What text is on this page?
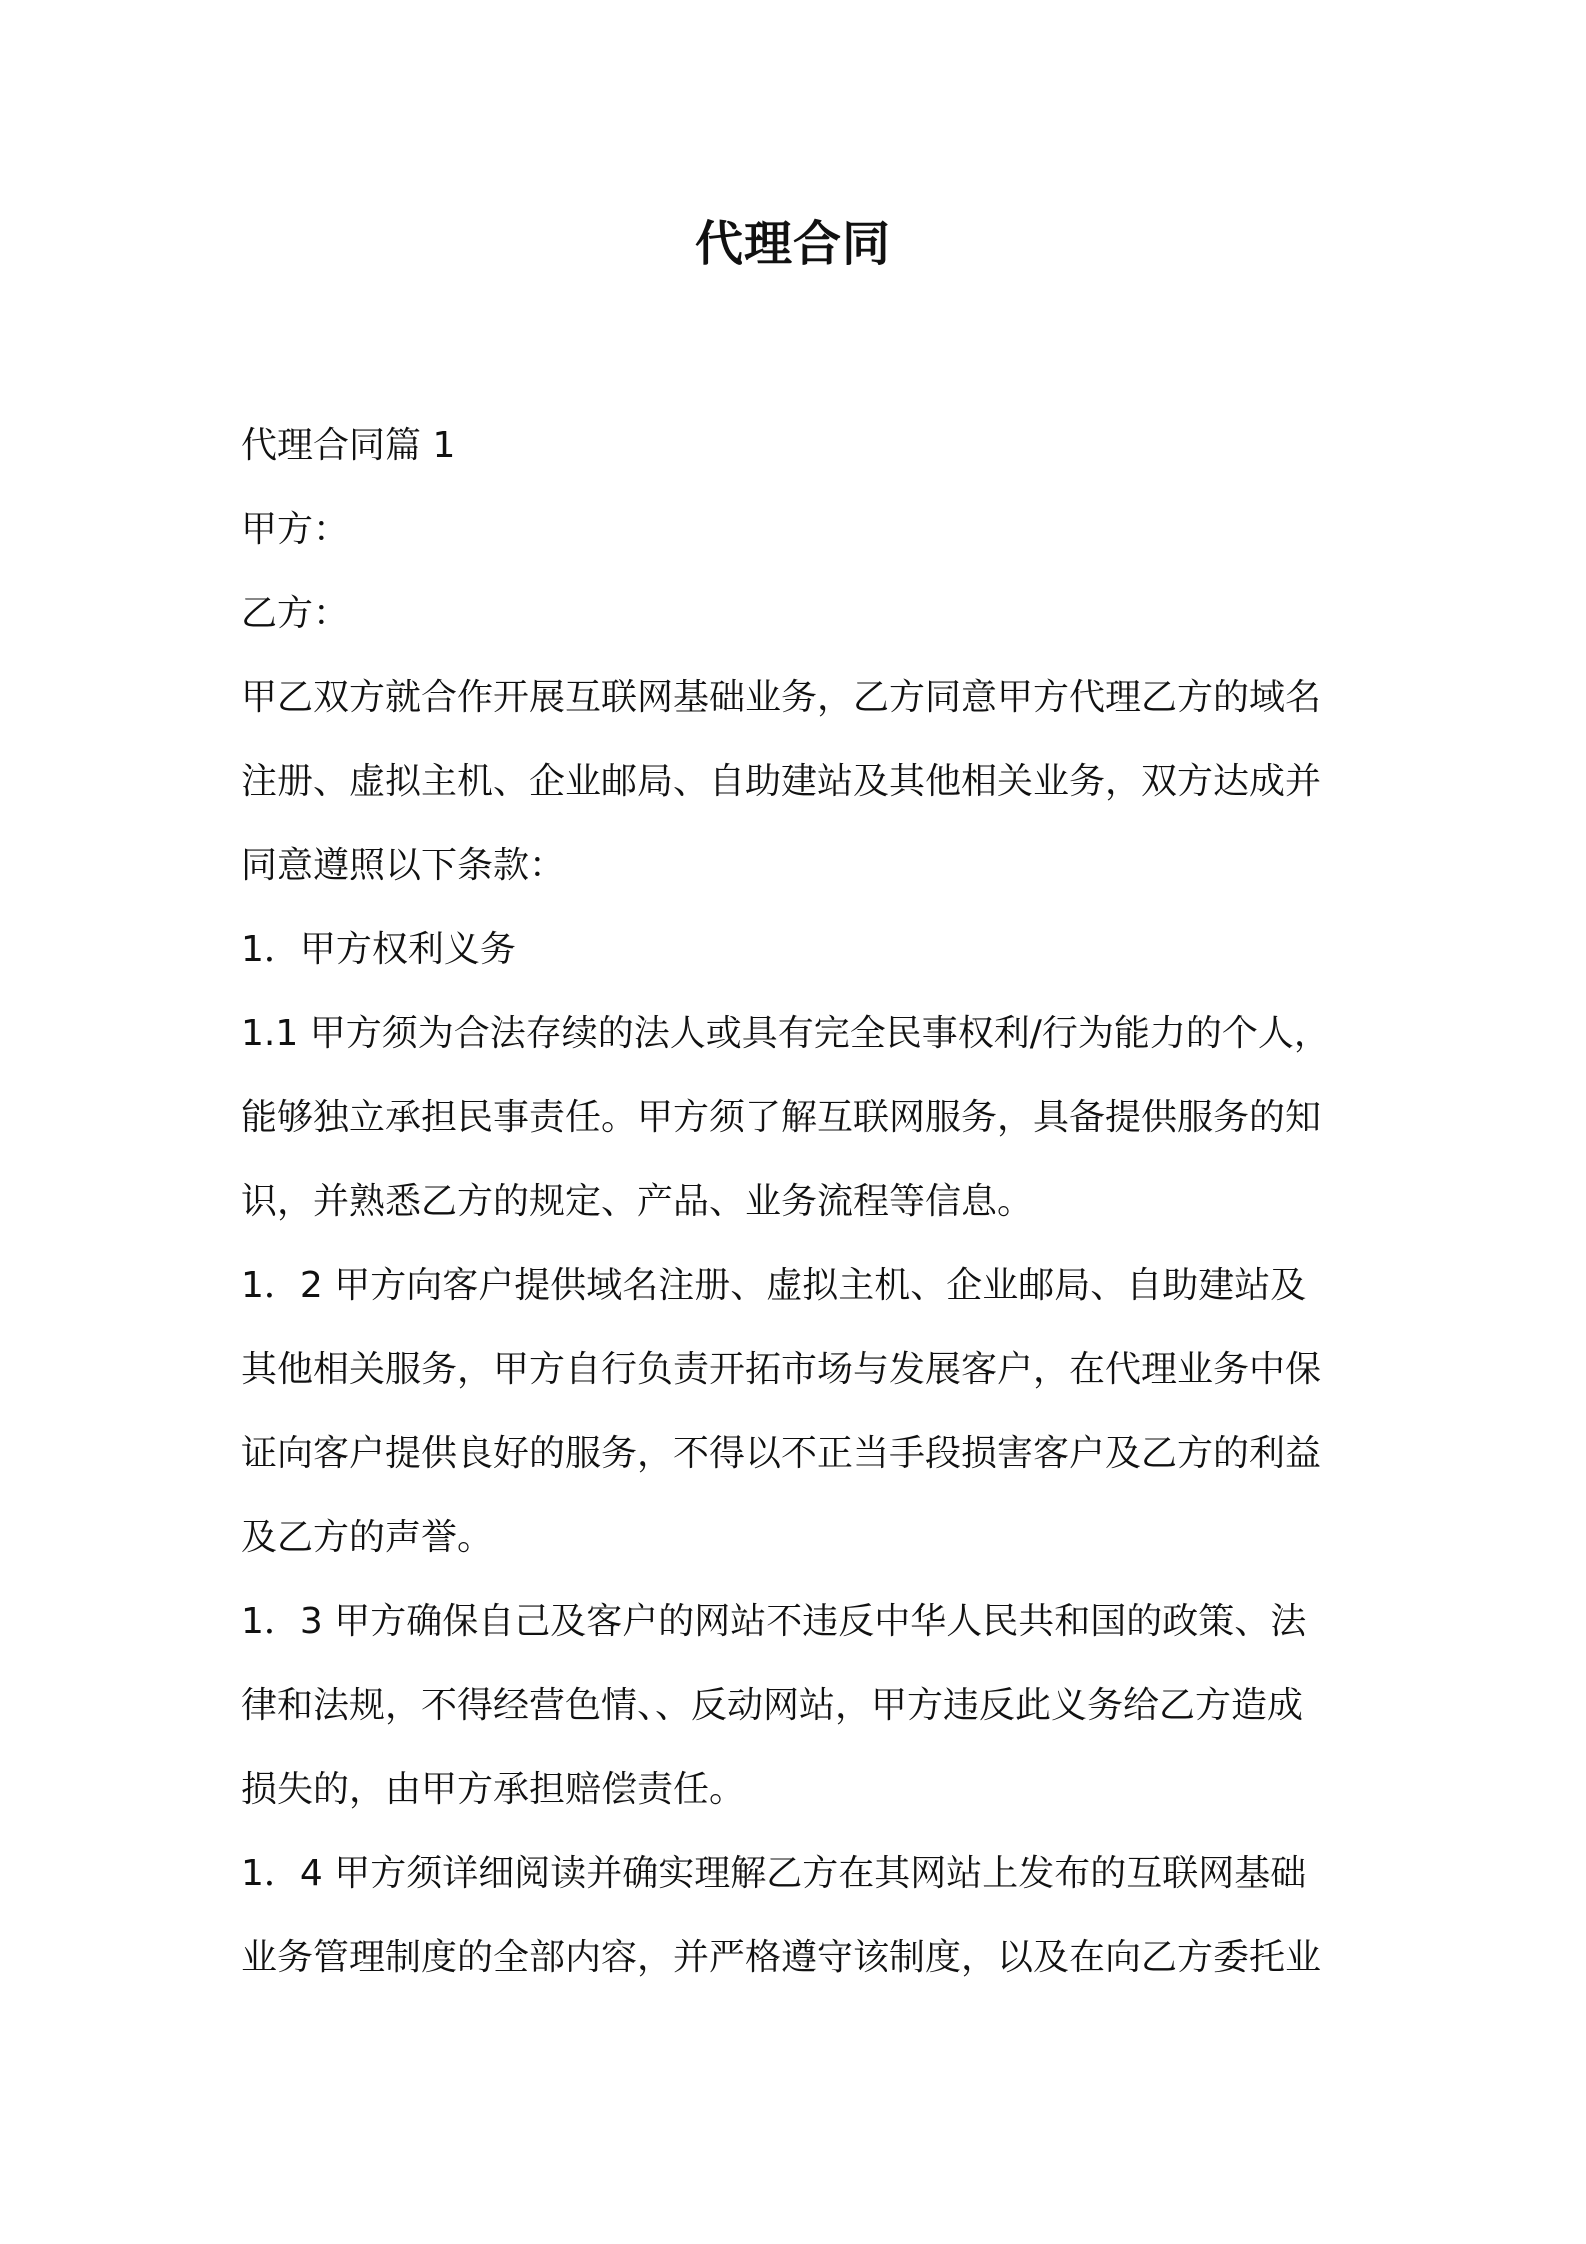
代理合同
代理合同篇 1
甲方：
乙方：
甲乙双方就合作开展互联网基础业务，乙方同意甲方代理乙方的域名
注册、虚拟主机、企业邮局、自助建站及其他相关业务，双方达成并
同意遵照以下条款：
1．甲方权利义务
1.1 甲方须为合法存续的法人或具有完全民事权利/行为能力的个人，
能够独立承担民事责任。甲方须了解互联网服务，具备提供服务的知
识，并熟悉乙方的规定、产品、业务流程等信息。
1．2 甲方向客户提供域名注册、虚拟主机、企业邮局、自助建站及
其他相关服务，甲方自行负责开拓市场与发展客户，在代理业务中保
证向客户提供良好的服务，不得以不正当手段损害客户及乙方的利益
及乙方的声誉。
1．3 甲方确保自己及客户的网站不违反中华人民共和国的政策、法
律和法规，不得经营色情、、反动网站，甲方违反此义务给乙方造成
损失的，由甲方承担赔偿责任。
1．4 甲方须详细阅读并确实理解乙方在其网站上发布的互联网基础
业务管理制度的全部内容，并严格遵守该制度，以及在向乙方委托业
